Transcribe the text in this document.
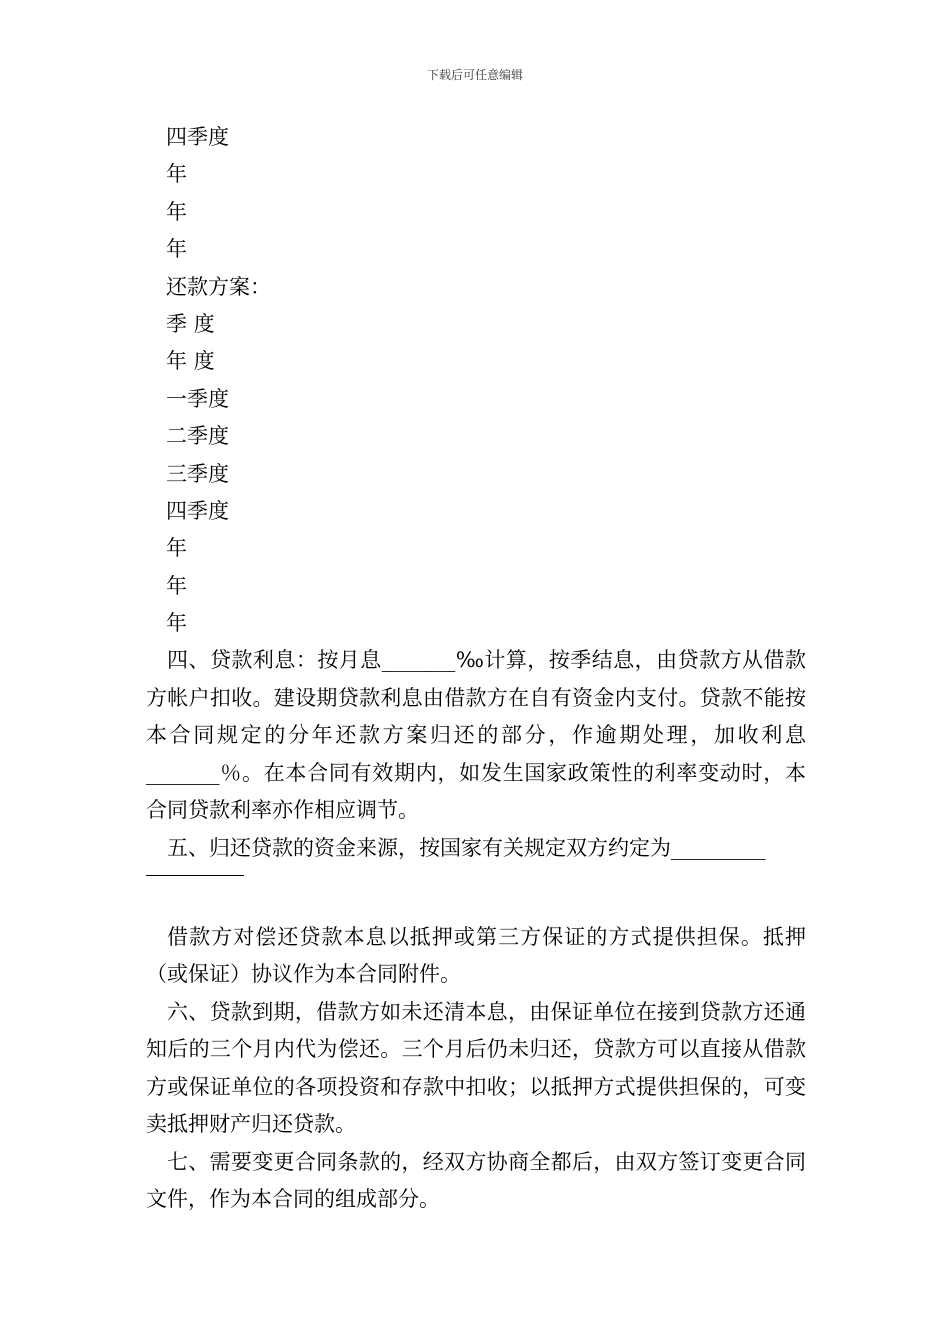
下载后可任意编辑
四季度
年
年
年
还款方案：
季 度
年 度
一季度
二季度
三季度
四季度
年
年
年

四、贷款利息：按月息_______‰计算，按季结息，由贷款方从借款方帐户扣收。建设期贷款利息由借款方在自有资金内支付。贷款不能按本合同规定的分年还款方案归还的部分，作逾期处理，加收利息_______％。在本合同有效期内，如发生国家政策性的利率变动时，本合同贷款利率亦作相应调节。

五、归还贷款的资金来源，按国家有关规定双方约定为_________

借款方对偿还贷款本息以抵押或第三方保证的方式提供担保。抵押（或保证）协议作为本合同附件。

六、贷款到期，借款方如未还清本息，由保证单位在接到贷款方还通知后的三个月内代为偿还。三个月后仍未归还，贷款方可以直接从借款方或保证单位的各项投资和存款中扣收；以抵押方式提供担保的，可变卖抵押财产归还贷款。

七、需要变更合同条款的，经双方协商全都后，由双方签订变更合同文件，作为本合同的组成部分。
